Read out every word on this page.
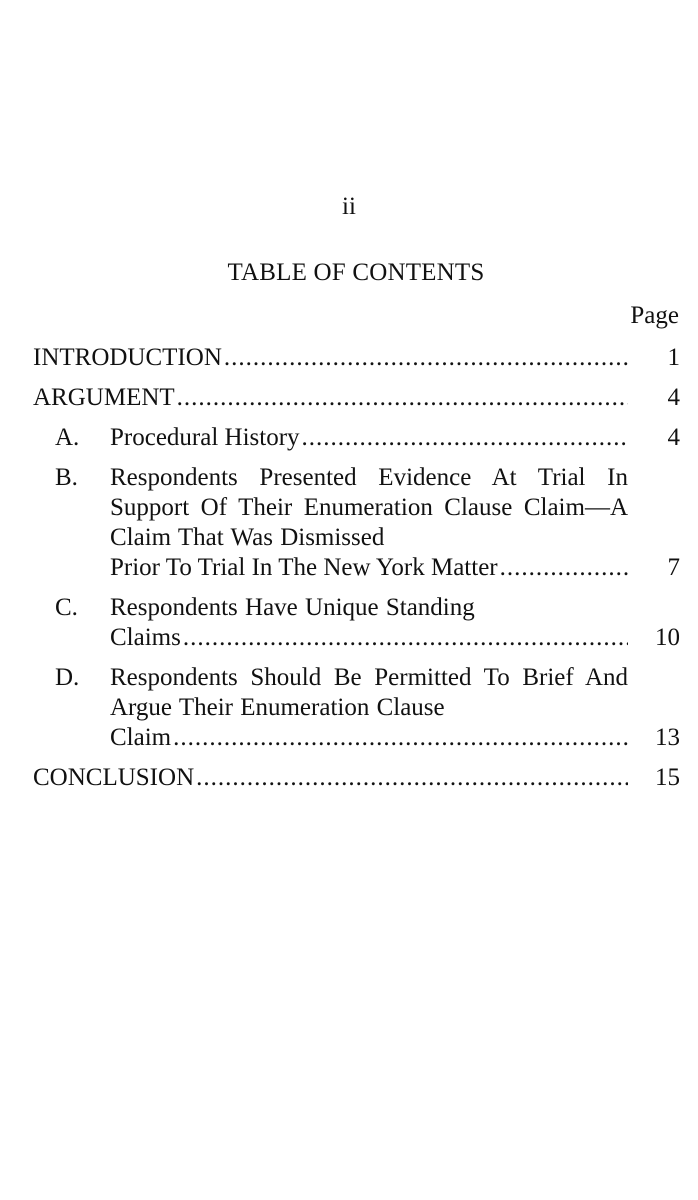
ii
TABLE OF CONTENTS
Page
INTRODUCTION .....	1
ARGUMENT .....	4
A. Procedural History .....	4
B. Respondents Presented Evidence At Trial In Support Of Their Enumeration Clause Claim—A Claim That Was Dismissed
Prior To Trial In The New York Matter .....	7
C. Respondents Have Unique Standing
Claims .....	10
D. Respondents Should Be Permitted To Brief And Argue Their Enumeration Clause
Claim .....	13
CONCLUSION .....	15
